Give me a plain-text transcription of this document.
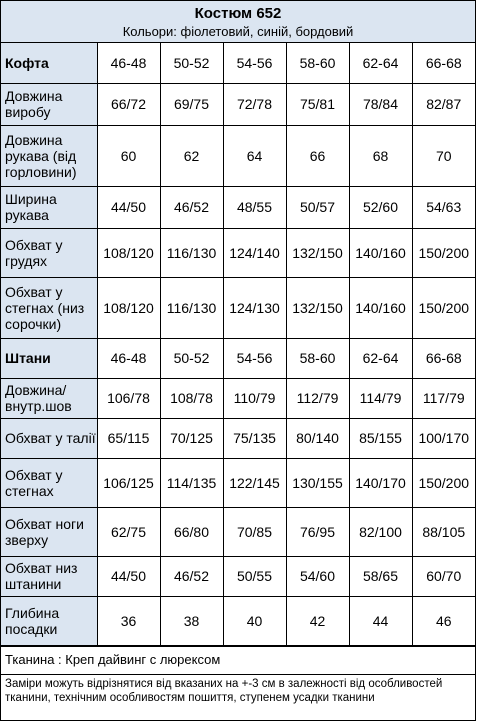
Костюм 652
Кольори: фіолетовий, синій, бордовий
Кофта	46-48	50-52	54-56	58-60	62-64	66-68
Довжина виробу	66/72	69/75	72/78	75/81	78/84	82/87
Довжина рукава (від горловини)	60	62	64	66	68	70
Ширина рукава	44/50	46/52	48/55	50/57	52/60	54/63
Обхват у грудях	108/120	116/130	124/140	132/150	140/160	150/200
Обхват у стегнах (низ сорочки)	108/120	116/130	124/130	132/150	140/160	150/200
Штани	46-48	50-52	54-56	58-60	62-64	66-68
Довжина/внутр.шов	106/78	108/78	110/79	112/79	114/79	117/79
Обхват у талії	65/115	70/125	75/135	80/140	85/155	100/170
Обхват у стегнах	106/125	114/135	122/145	130/155	140/170	150/200
Обхват ноги зверху	62/75	66/80	70/85	76/95	82/100	88/105
Обхват низ штанини	44/50	46/52	50/55	54/60	58/65	60/70
Глибина посадки	36	38	40	42	44	46
Тканина : Креп дайвинг с люрексом
Заміри можуть відрізнятися від вказаних на +-3 см в залежності від особливостей тканини, технічним особливостям пошиття, ступенем усадки тканини
